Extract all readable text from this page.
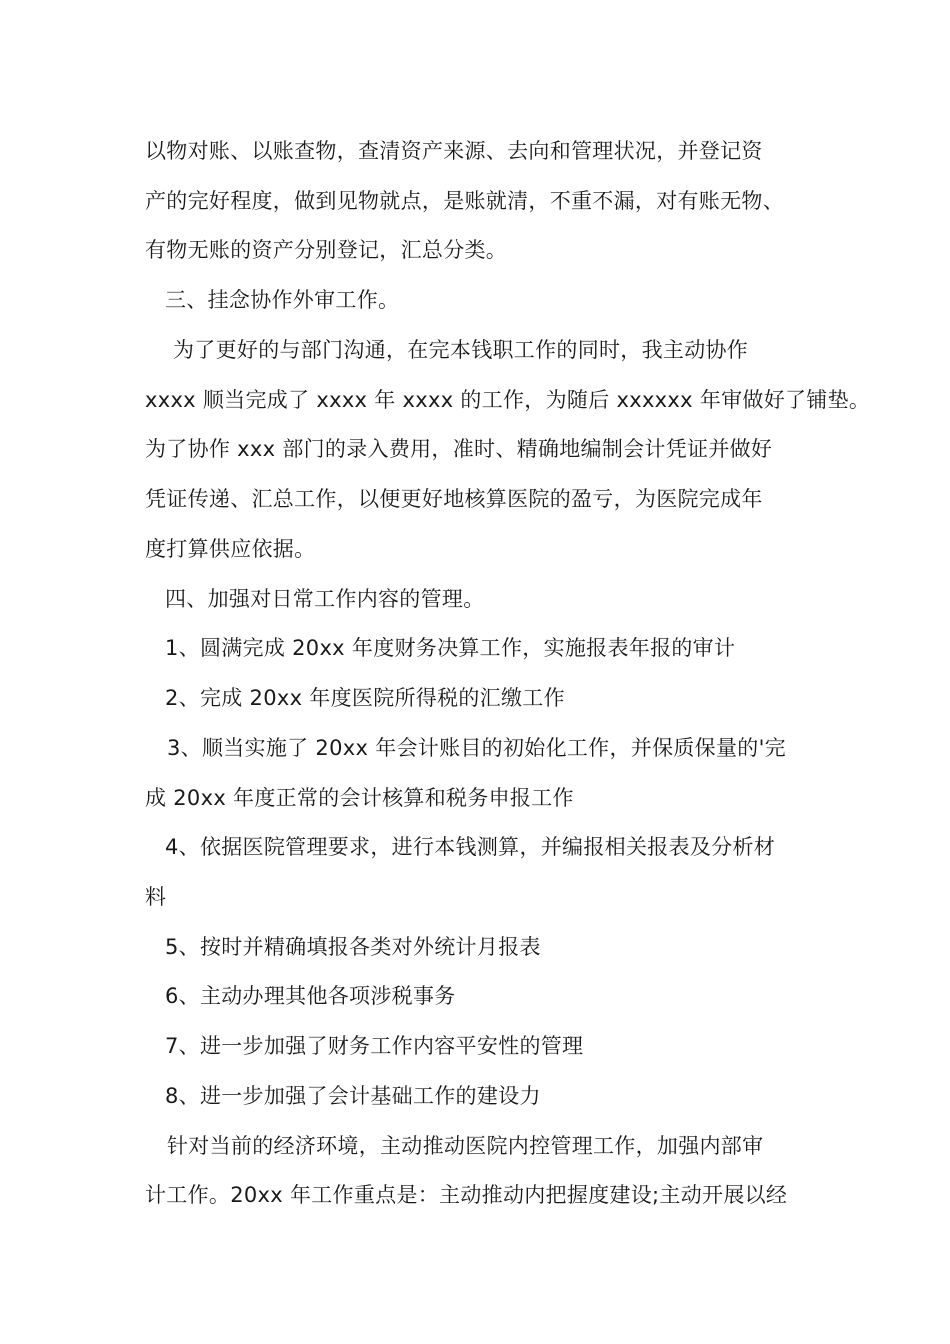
以物对账、以账查物，查清资产来源、去向和管理状况，并登记资
产的完好程度，做到见物就点，是账就清，不重不漏，对有账无物、
有物无账的资产分别登记，汇总分类。
三、挂念协作外审工作。
为了更好的与部门沟通，在完本钱职工作的同时，我主动协作
xxxx 顺当完成了 xxxx 年 xxxx 的工作，为随后 xxxxxx 年审做好了铺垫。
为了协作 xxx 部门的录入费用，准时、精确地编制会计凭证并做好
凭证传递、汇总工作，以便更好地核算医院的盈亏，为医院完成年
度打算供应依据。
四、加强对日常工作内容的管理。
1、圆满完成 20xx 年度财务决算工作，实施报表年报的审计
2、完成 20xx 年度医院所得税的汇缴工作
3、顺当实施了 20xx 年会计账目的初始化工作，并保质保量的'完
成 20xx 年度正常的会计核算和税务申报工作
4、依据医院管理要求，进行本钱测算，并编报相关报表及分析材
料
5、按时并精确填报各类对外统计月报表
6、主动办理其他各项涉税事务
7、进一步加强了财务工作内容平安性的管理
8、进一步加强了会计基础工作的建设力
针对当前的经济环境，主动推动医院内控管理工作，加强内部审
计工作。20xx 年工作重点是：主动推动内把握度建设;主动开展以经
